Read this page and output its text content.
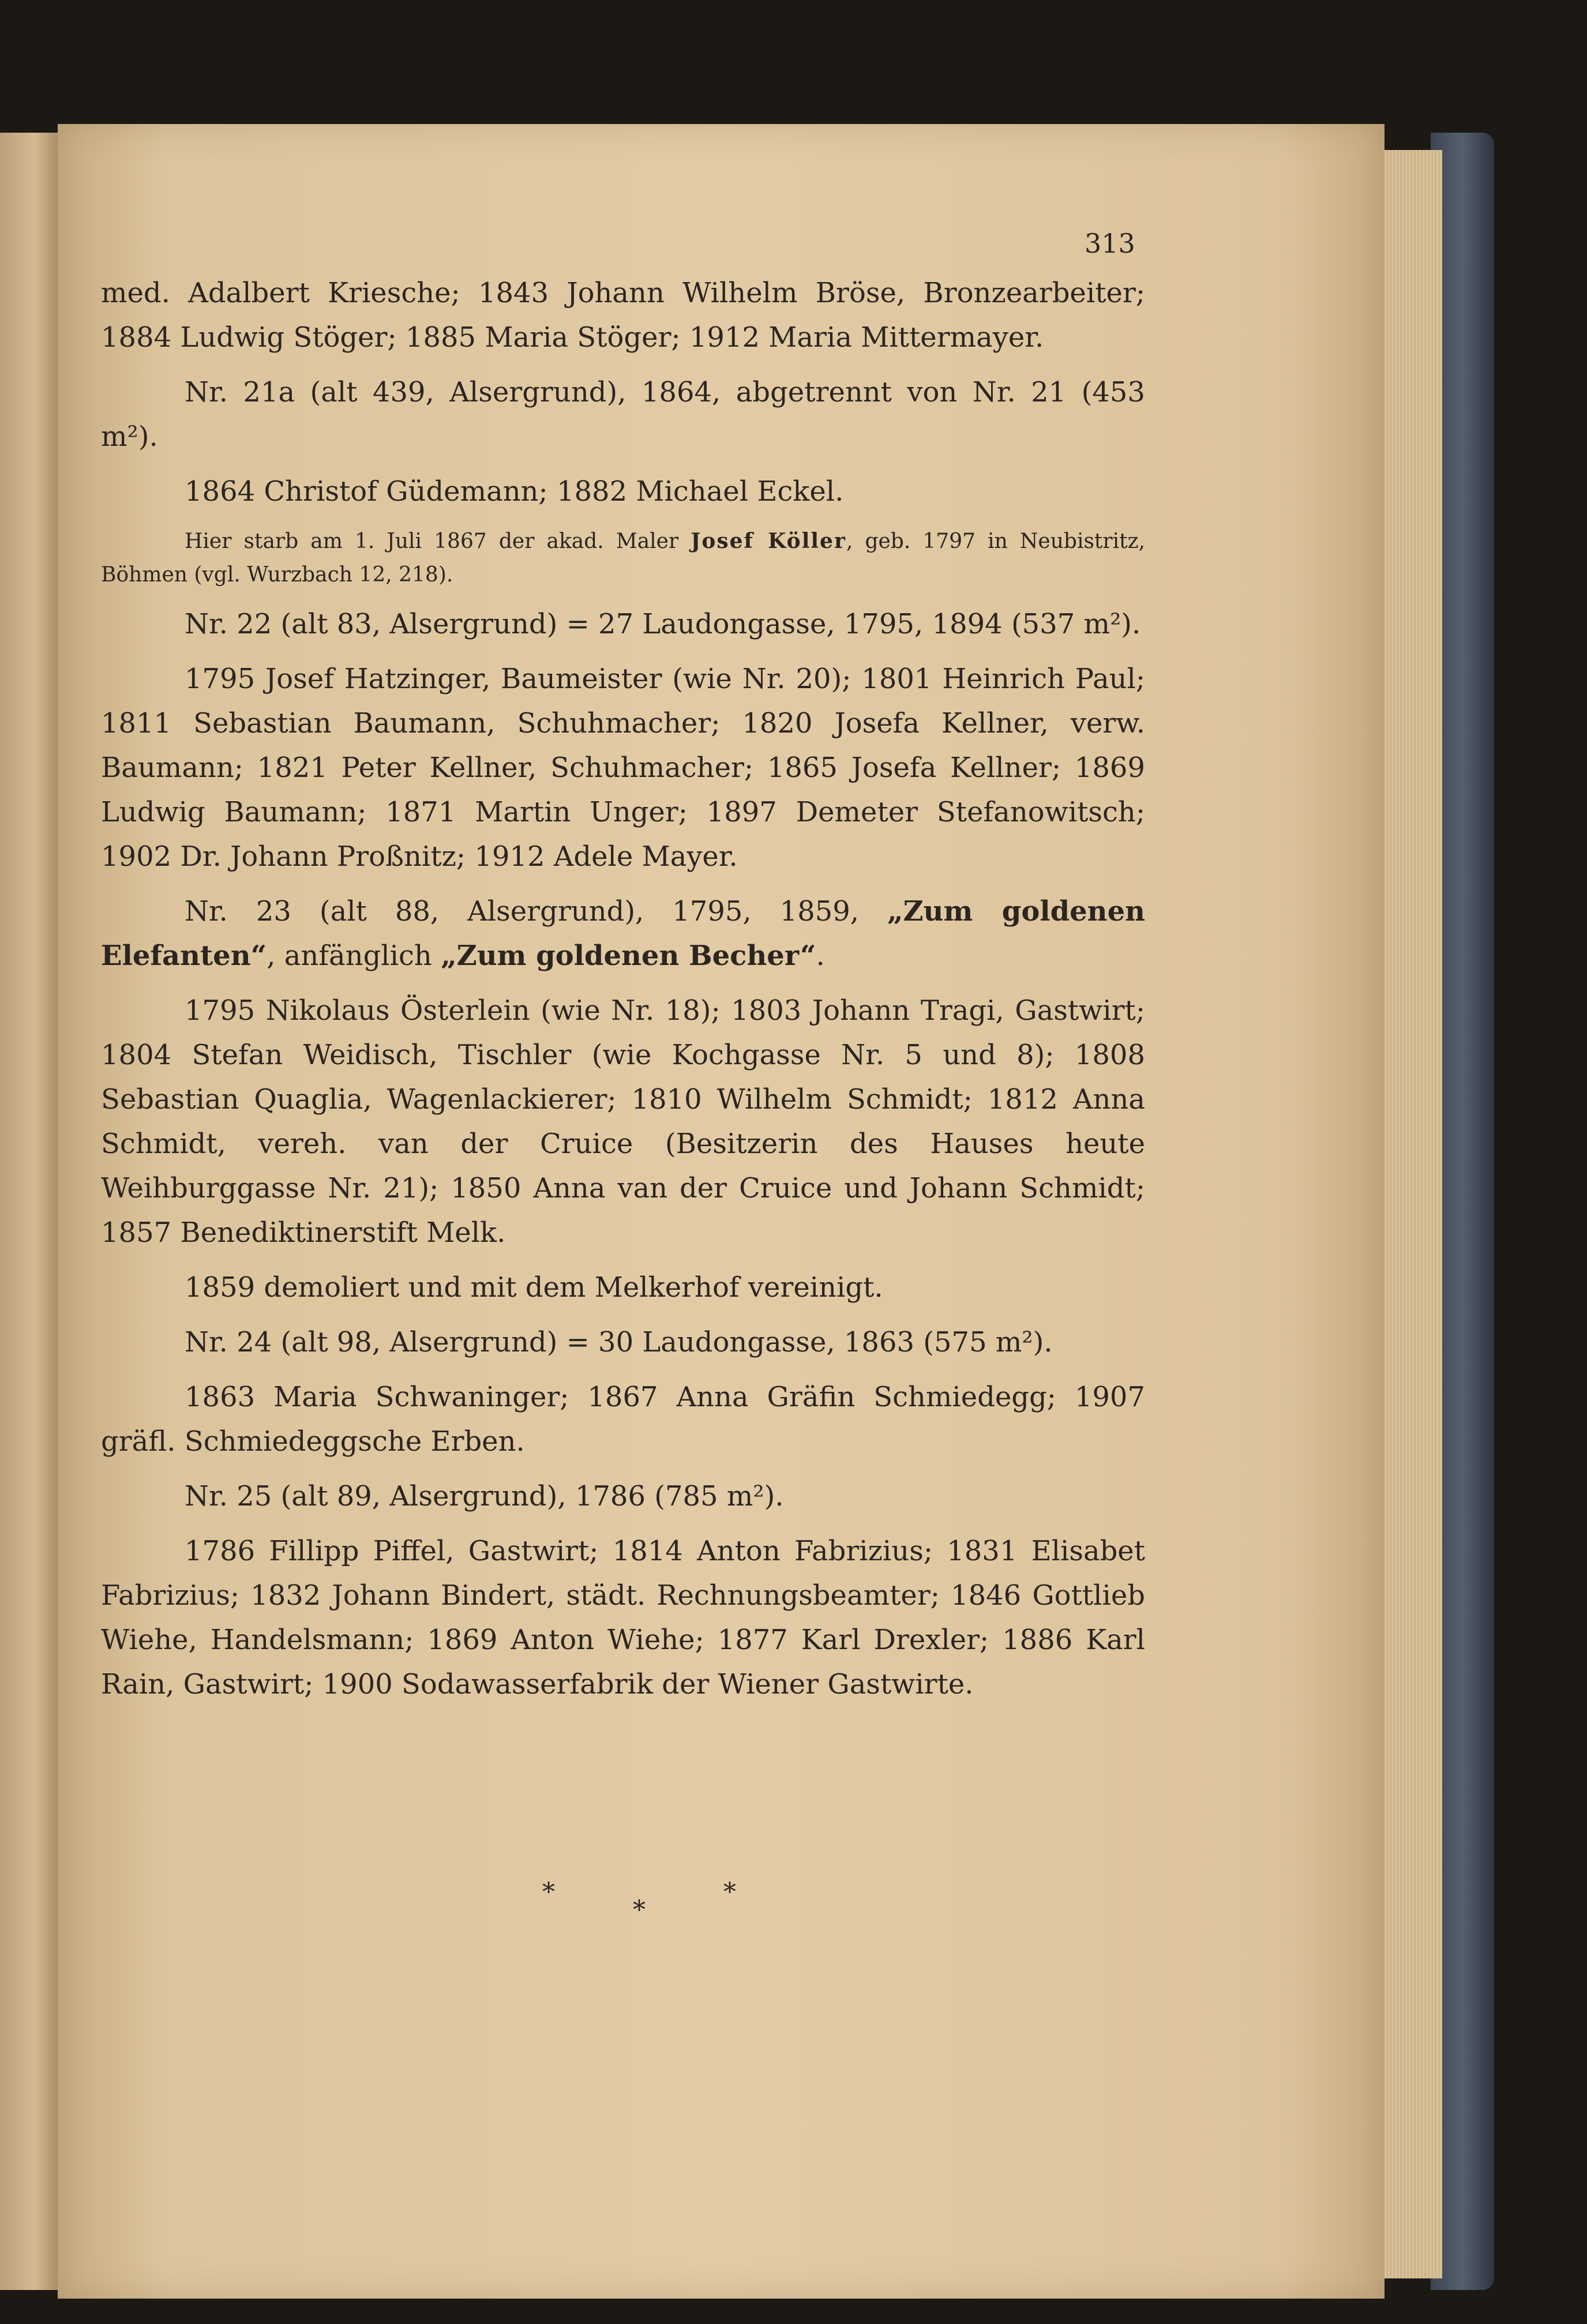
313

med. Adalbert Kriesche; 1843 Johann Wilhelm Bröse, Bronzearbeiter; 1884 Ludwig Stöger; 1885 Maria Stöger; 1912 Maria Mittermayer.

Nr. 21a (alt 439, Alsergrund), 1864, abgetrennt von Nr. 21 (453 m²).

1864 Christof Güdemann; 1882 Michael Eckel.

Hier starb am 1. Juli 1867 der akad. Maler Josef Köller, geb. 1797 in Neubistritz, Böhmen (vgl. Wurzbach 12, 218).

Nr. 22 (alt 83, Alsergrund) = 27 Laudongasse, 1795, 1894 (537 m²).

1795 Josef Hatzinger, Baumeister (wie Nr. 20); 1801 Heinrich Paul; 1811 Sebastian Baumann, Schuhmacher; 1820 Josefa Kellner, verw. Baumann; 1821 Peter Kellner, Schuhmacher; 1865 Josefa Kellner; 1869 Ludwig Baumann; 1871 Martin Unger; 1897 Demeter Stefanowitsch; 1902 Dr. Johann Proßnitz; 1912 Adele Mayer.

Nr. 23 (alt 88, Alsergrund), 1795, 1859, „Zum goldenen Elefanten“, anfänglich „Zum goldenen Becher“.

1795 Nikolaus Österlein (wie Nr. 18); 1803 Johann Tragi, Gastwirt; 1804 Stefan Weidisch, Tischler (wie Kochgasse Nr. 5 und 8); 1808 Sebastian Quaglia, Wagenlackierer; 1810 Wilhelm Schmidt; 1812 Anna Schmidt, vereh. van der Cruice (Besitzerin des Hauses heute Weihburggasse Nr. 21); 1850 Anna van der Cruice und Johann Schmidt; 1857 Benediktinerstift Melk.

1859 demoliert und mit dem Melkerhof vereinigt.

Nr. 24 (alt 98, Alsergrund) = 30 Laudongasse, 1863 (575 m²).

1863 Maria Schwaninger; 1867 Anna Gräfin Schmiedegg; 1907 gräfl. Schmiedeggsche Erben.

Nr. 25 (alt 89, Alsergrund), 1786 (785 m²).

1786 Fillipp Piffel, Gastwirt; 1814 Anton Fabrizius; 1831 Elisabet Fabrizius; 1832 Johann Bindert, städt. Rechnungsbeamter; 1846 Gottlieb Wiehe, Handelsmann; 1869 Anton Wiehe; 1877 Karl Drexler; 1886 Karl Rain, Gastwirt; 1900 Sodawasserfabrik der Wiener Gastwirte.

*	*
*
